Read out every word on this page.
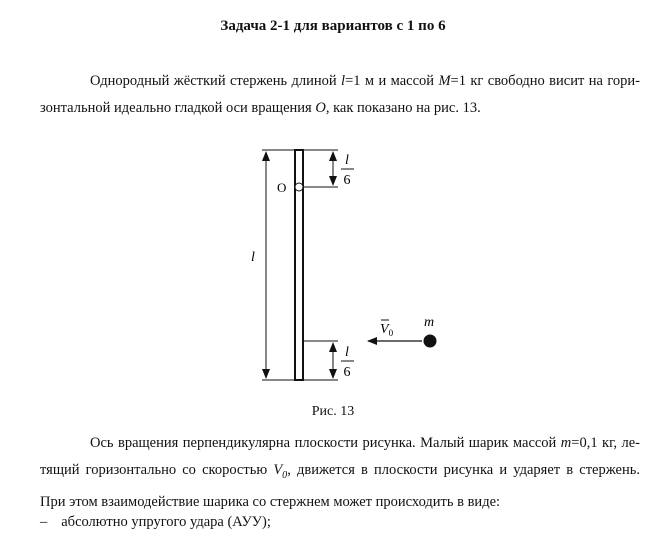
Задача 2-1 для вариантов с 1 по 6
Однородный жёсткий стержень длиной l=1 м и массой M=1 кг свободно висит на гори-
зонтальной идеально гладкой оси вращения O, как показано на рис. 13.
O
l
l
6
l
6
$V_0$
m
Рис. 13
Ось вращения перпендикулярна плоскости рисунка. Малый шарик массой m=0,1 кг, ле-
тящий горизонтально со скоростью $V_0$, движется в плоскости рисунка и ударяет в стержень.
При этом взаимодействие шарика со стержнем может происходить в виде:
– абсолютно упругого удара (АУУ);
